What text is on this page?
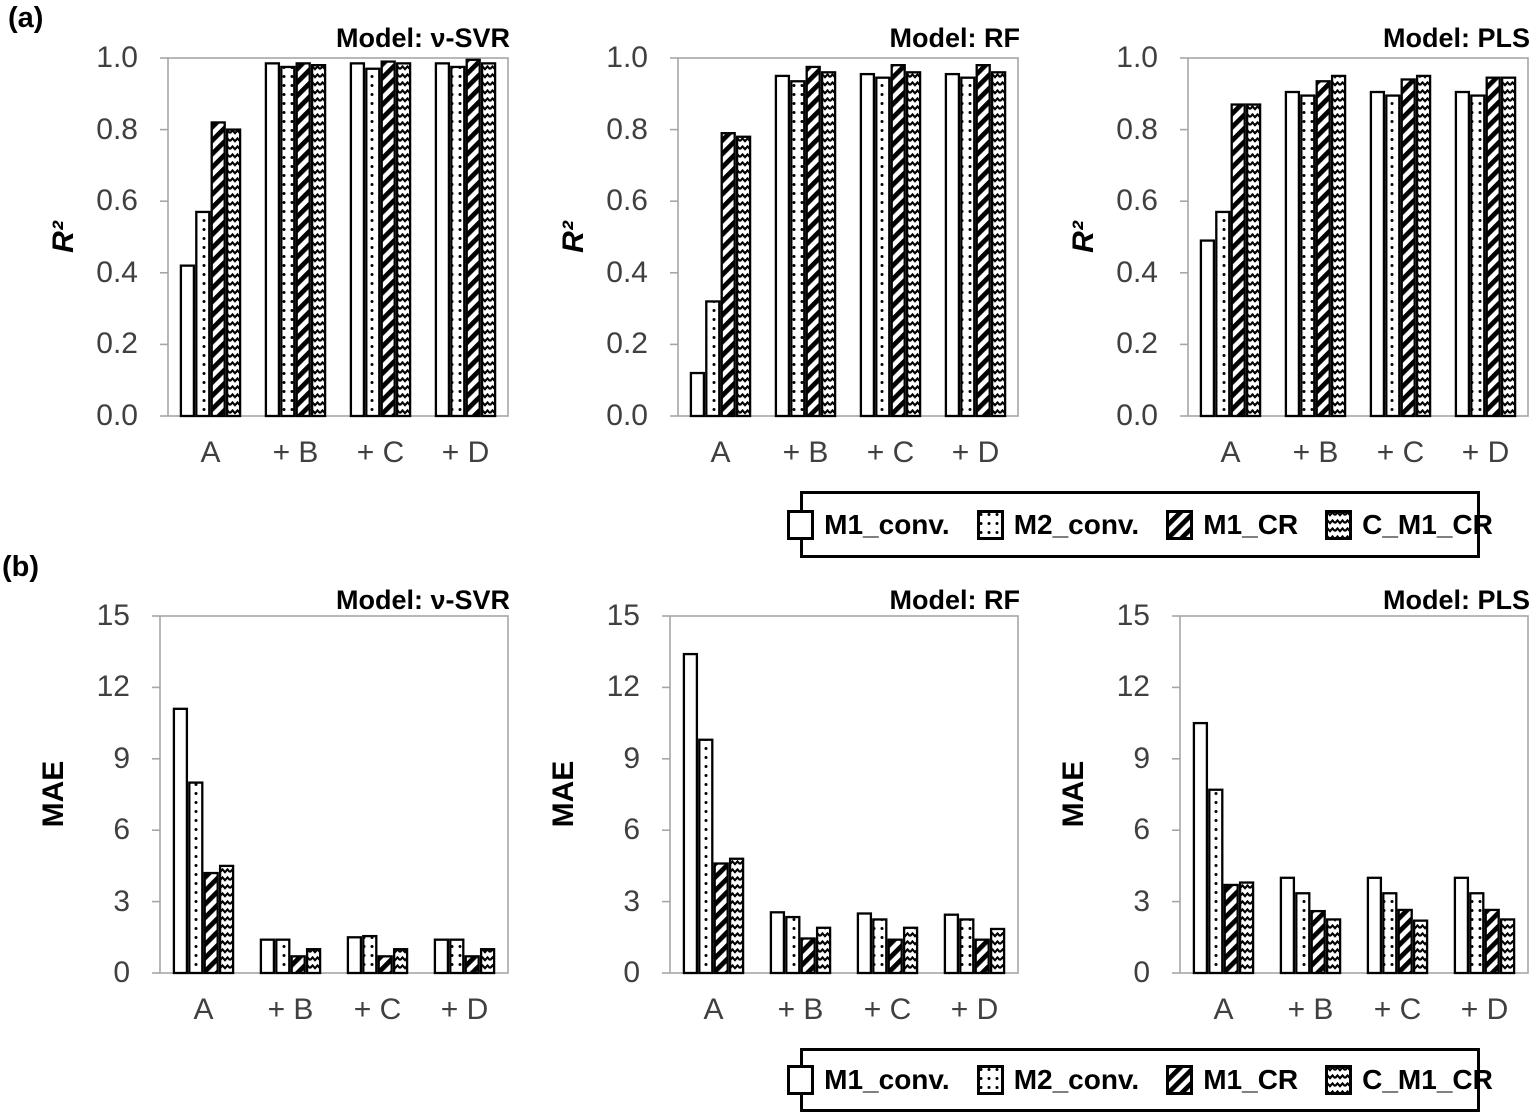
(a)
(b)
Model: ν-SVR
R²
0.0
0.2
0.4
0.6
0.8
1.0
A	+ B	+ C	+ D
Model: RF
R²
0.0
0.2
0.4
0.6
0.8
1.0
A	+ B	+ C	+ D
Model: PLS
R²
0.0
0.2
0.4
0.6
0.8
1.0
A	+ B	+ C	+ D
Model: ν-SVR
MAE
0
3
6
9
12
15
A	+ B	+ C	+ D
Model: RF
MAE
0
3
6
9
12
15
A	+ B	+ C	+ D
Model: PLS
MAE
0
3
6
9
12
15
A	+ B	+ C	+ D
M1_conv. M2_conv. M1_CR C_M1_CR
M1_conv. M2_conv. M1_CR C_M1_CR
